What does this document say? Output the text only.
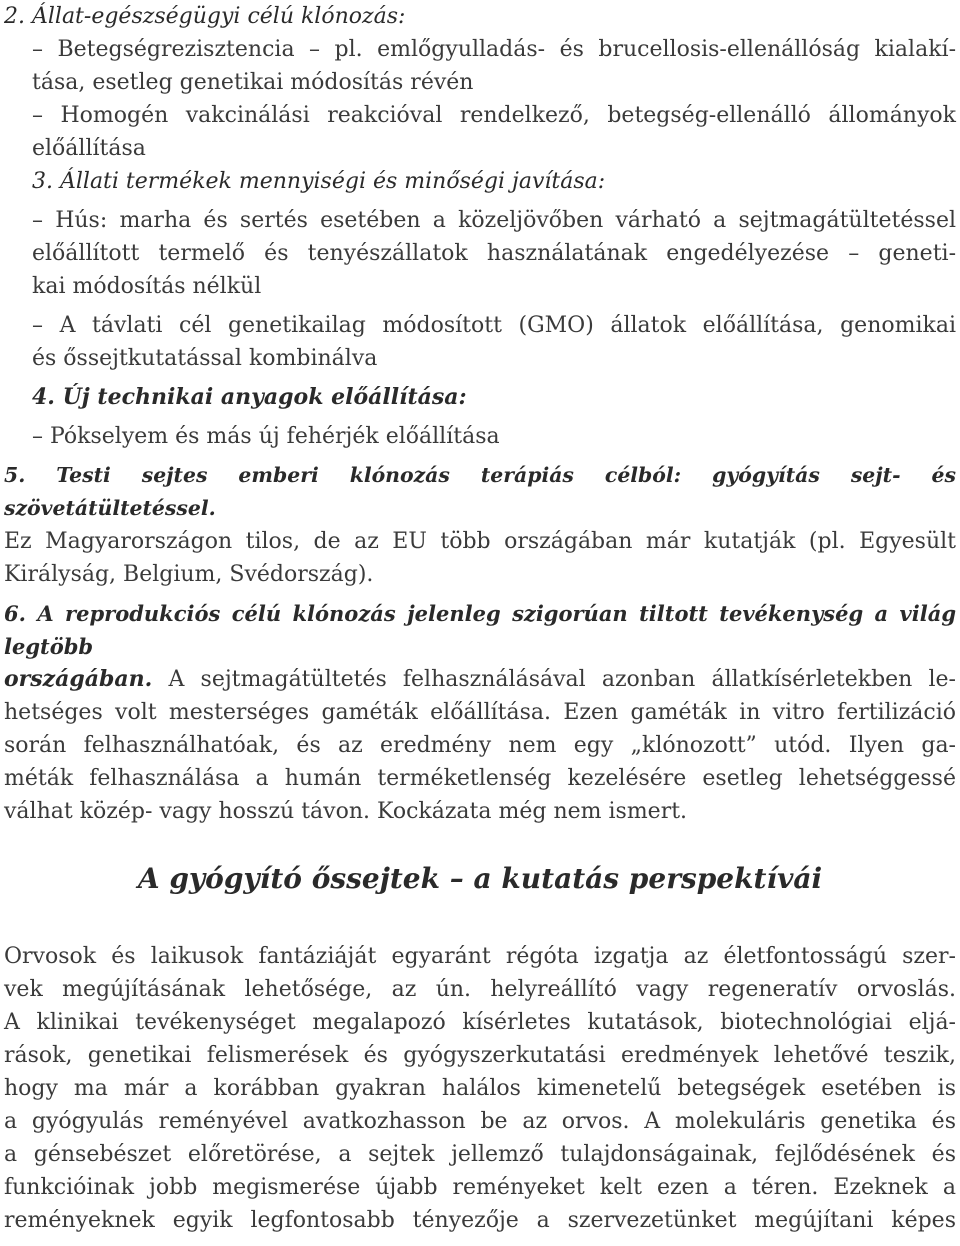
2. Állat-egészségügyi célú klónozás:

– Betegségrezisztencia – pl. emlőgyulladás- és brucellosis-ellenállóság kialakí-

tása, esetleg genetikai módosítás révén

– Homogén vakcinálási reakcióval rendelkező, betegség-ellenálló állományok

előállítása

3. Állati termékek mennyiségi és minőségi javítása:

– Hús: marha és sertés esetében a közeljövőben várható a sejtmagátültetéssel

előállított termelő és tenyészállatok használatának engedélyezése – geneti-

kai módosítás nélkül

– A távlati cél genetikailag módosított (GMO) állatok előállítása, genomikai

és őssejtkutatással kombinálva

4. Új technikai anyagok előállítása:

– Pókselyem és más új fehérjék előállítása

5. Testi sejtes emberi klónozás terápiás célból: gyógyítás sejt- és szövetátültetéssel.

Ez Magyarországon tilos, de az EU több országában már kutatják (pl. Egyesült

Királyság, Belgium, Svédország).

6. A reprodukciós célú klónozás jelenleg szigorúan tiltott tevékenység a világ legtöbb

országában. A sejtmagátültetés felhasználásával azonban állatkísérletekben le-

hetséges volt mesterséges gaméták előállítása. Ezen gaméták in vitro fertilizáció

során felhasználhatóak, és az eredmény nem egy „klónozott” utód. Ilyen ga-

méták felhasználása a humán terméketlenség kezelésére esetleg lehetséggessé

válhat közép- vagy hosszú távon. Kockázata még nem ismert.

A gyógyító őssejtek – a kutatás perspektívái

Orvosok és laikusok fantáziáját egyaránt régóta izgatja az életfontosságú szer-

vek megújításának lehetősége, az ún. helyreállító vagy regeneratív orvoslás.

A klinikai tevékenységet megalapozó kísérletes kutatások, biotechnológiai eljá-

rások, genetikai felismerések és gyógyszerkutatási eredmények lehetővé teszik,

hogy ma már a korábban gyakran halálos kimenetelű betegségek esetében is

a gyógyulás reményével avatkozhasson be az orvos. A molekuláris genetika és

a génsebészet előretörése, a sejtek jellemző tulajdonságainak, fejlődésének és

funkcióinak jobb megismerése újabb reményeket kelt ezen a téren. Ezeknek a

reményeknek egyik legfontosabb tényezője a szervezetünket megújítani képes
